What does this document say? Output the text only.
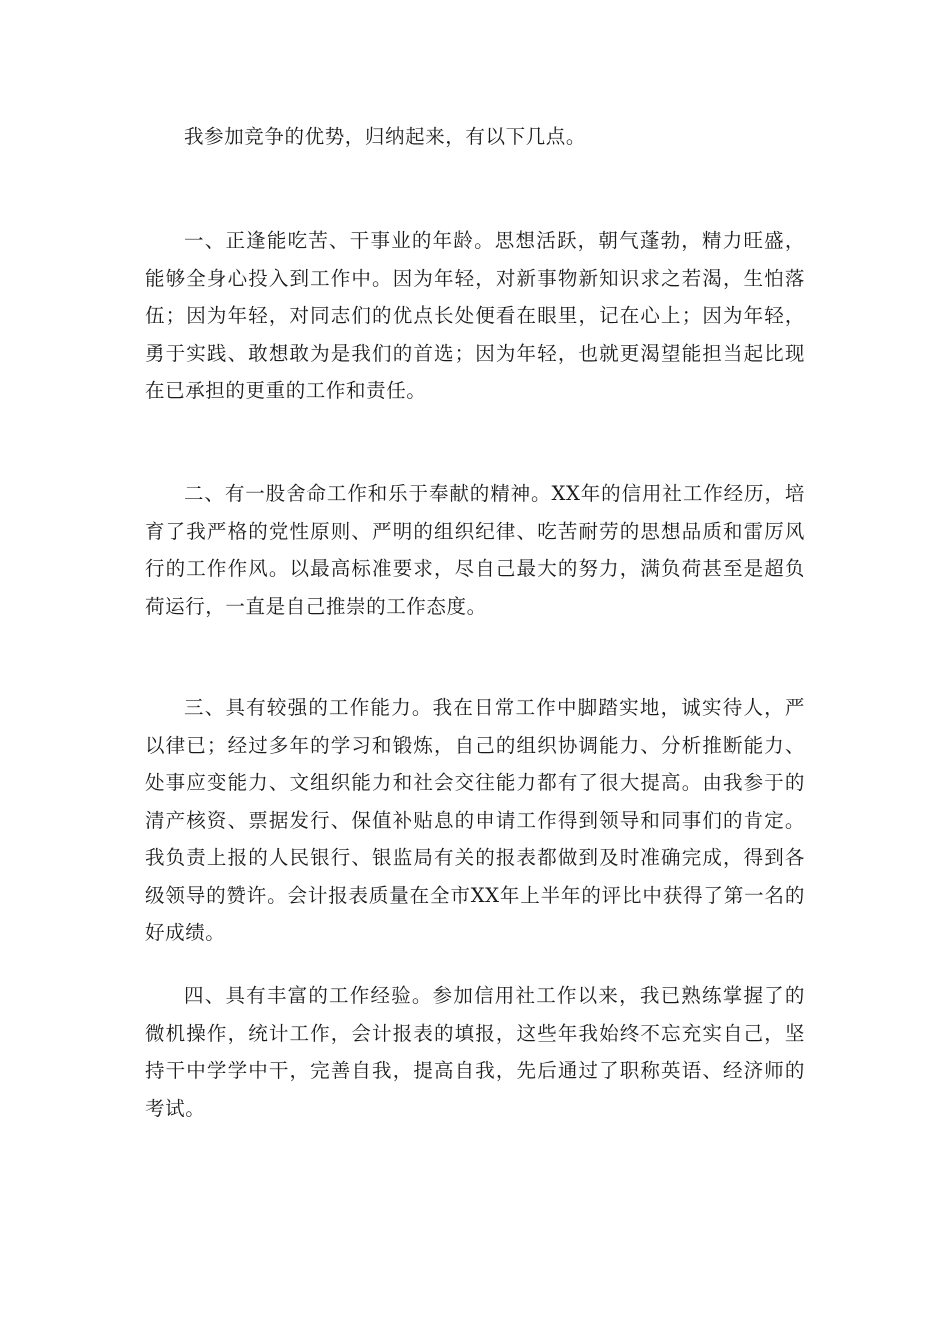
我参加竞争的优势，归纳起来，有以下几点。

一、正逢能吃苦、干事业的年龄。思想活跃，朝气蓬勃，精力旺盛，能够全身心投入到工作中。因为年轻，对新事物新知识求之若渴，生怕落伍；因为年轻，对同志们的优点长处便看在眼里，记在心上；因为年轻，勇于实践、敢想敢为是我们的首选；因为年轻，也就更渴望能担当起比现在已承担的更重的工作和责任。

二、有一股舍命工作和乐于奉献的精神。XX年的信用社工作经历，培育了我严格的党性原则、严明的组织纪律、吃苦耐劳的思想品质和雷厉风行的工作作风。以最高标准要求，尽自己最大的努力，满负荷甚至是超负荷运行，一直是自己推崇的工作态度。

三、具有较强的工作能力。我在日常工作中脚踏实地，诚实待人，严以律已；经过多年的学习和锻炼，自己的组织协调能力、分析推断能力、处事应变能力、文组织能力和社会交往能力都有了很大提高。由我参于的清产核资、票据发行、保值补贴息的申请工作得到领导和同事们的肯定。我负责上报的人民银行、银监局有关的报表都做到及时准确完成，得到各级领导的赞许。会计报表质量在全市XX年上半年的评比中获得了第一名的好成绩。

四、具有丰富的工作经验。参加信用社工作以来，我已熟练掌握了的微机操作，统计工作，会计报表的填报，这些年我始终不忘充实自己，坚持干中学学中干，完善自我，提高自我，先后通过了职称英语、经济师的考试。
